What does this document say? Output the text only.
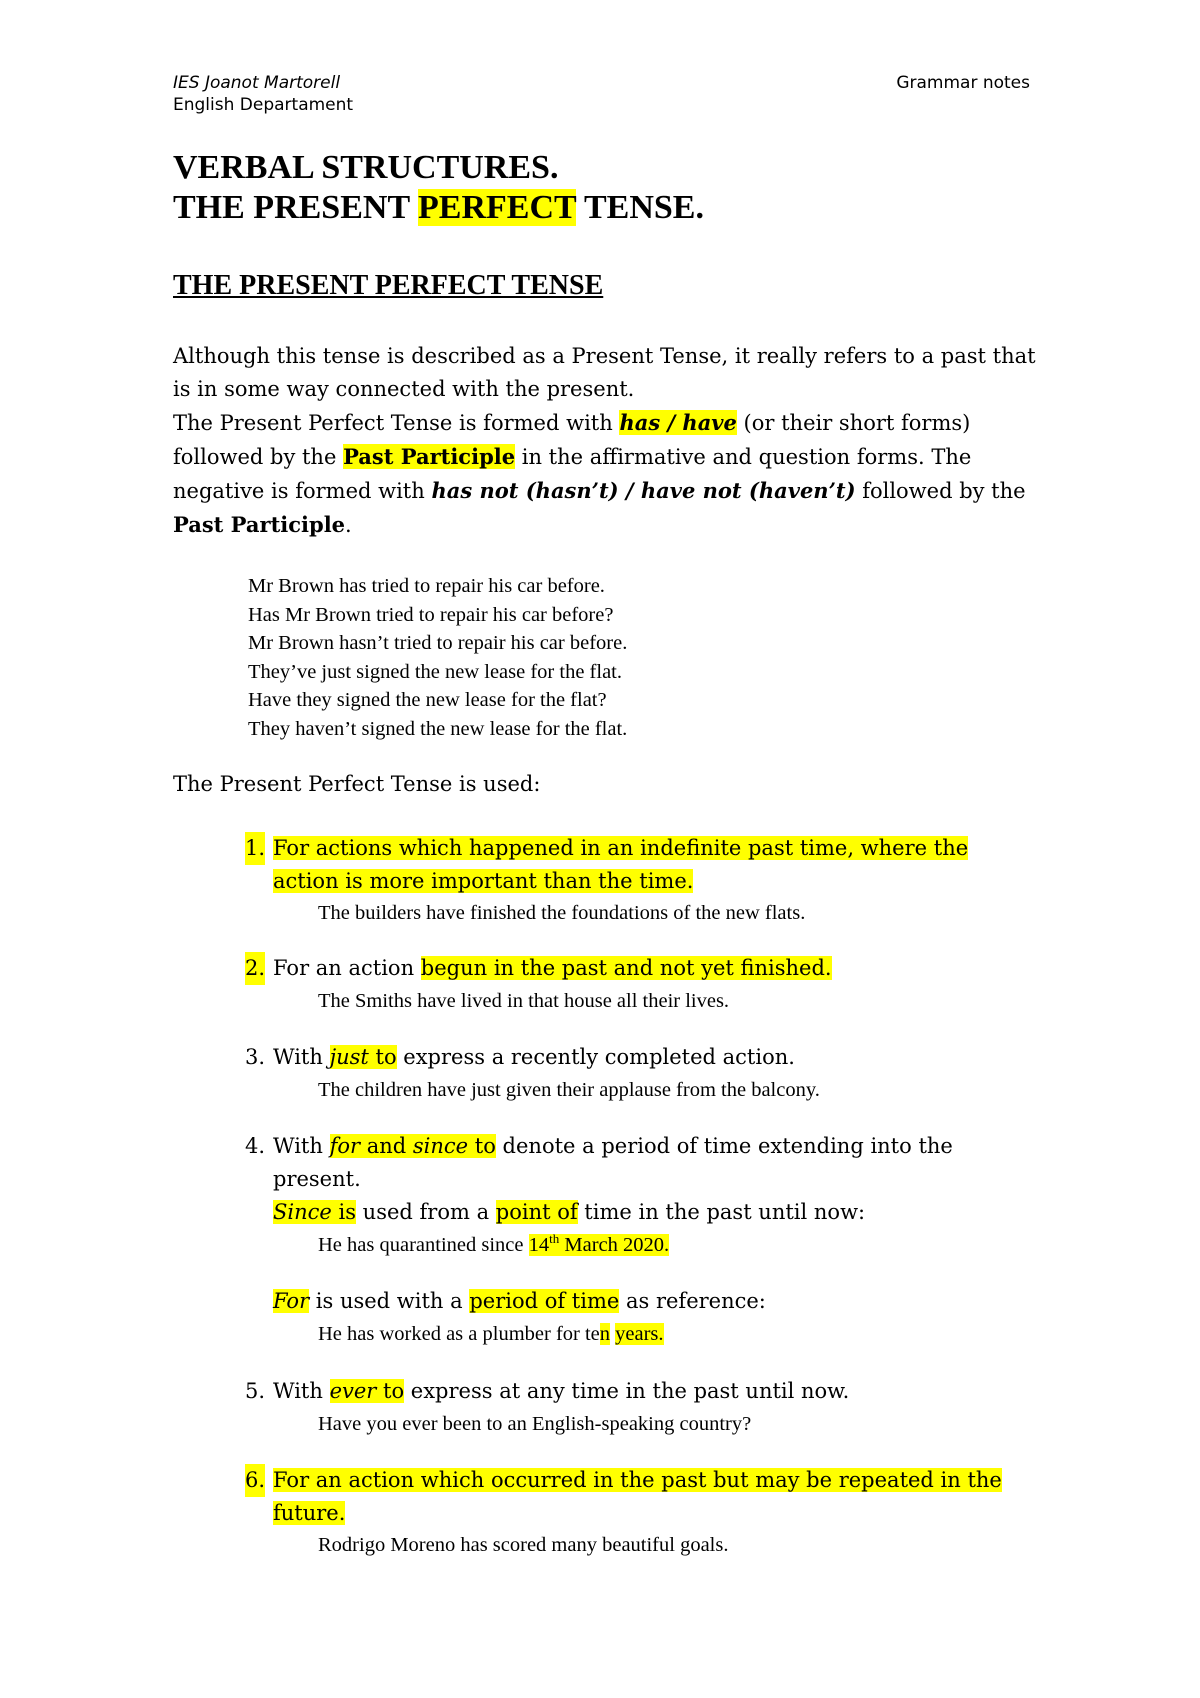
IES Joanot Martorell
English Departament
Grammar notes
VERBAL STRUCTURES.
THE PRESENT PERFECT TENSE.
THE PRESENT PERFECT TENSE

Although this tense is described as a Present Tense, it really refers to a past that is in some way connected with the present.
The Present Perfect Tense is formed with has / have (or their short forms) followed by the Past Participle in the affirmative and question forms. The negative is formed with has not (hasn’t) / have not (haven’t) followed by the Past Participle.

Mr Brown has tried to repair his car before.
Has Mr Brown tried to repair his car before?
Mr Brown hasn’t tried to repair his car before.
They’ve just signed the new lease for the flat.
Have they signed the new lease for the flat?
They haven’t signed the new lease for the flat.

The Present Perfect Tense is used:

1. For actions which happened in an indefinite past time, where the action is more important than the time.
The builders have finished the foundations of the new flats.
2. For an action begun in the past and not yet finished.
The Smiths have lived in that house all their lives.
3. With just to express a recently completed action.
The children have just given their applause from the balcony.
4. With for and since to denote a period of time extending into the present.
Since is used from a point of time in the past until now:
He has quarantined since 14th March 2020.
For is used with a period of time as reference:
He has worked as a plumber for ten years.
5. With ever to express at any time in the past until now.
Have you ever been to an English-speaking country?
6. For an action which occurred in the past but may be repeated in the future.
Rodrigo Moreno has scored many beautiful goals.
